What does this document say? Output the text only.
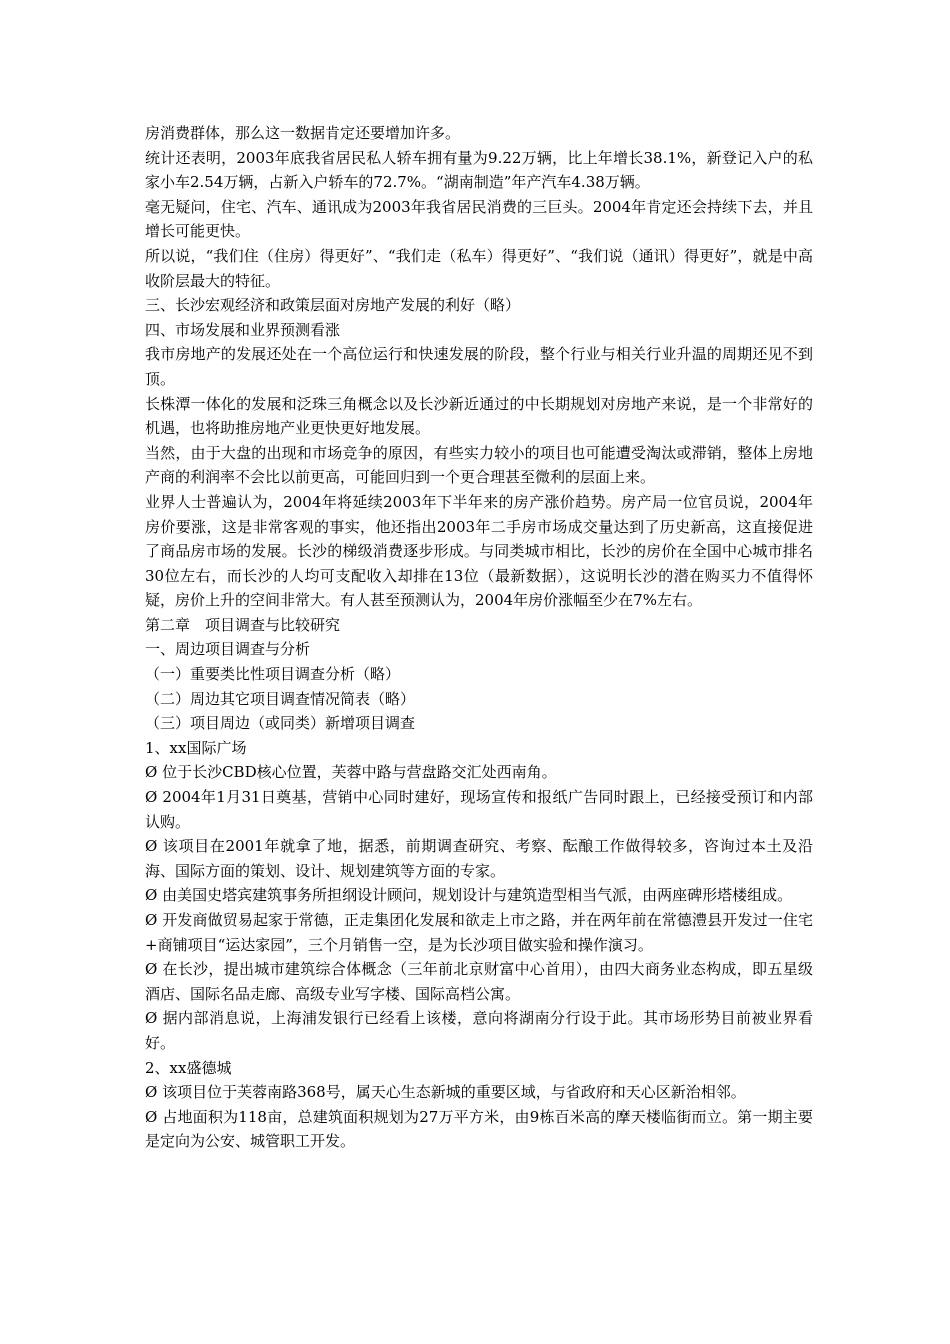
房消费群体，那么这一数据肯定还要增加许多。

统计还表明，2003年底我省居民私人轿车拥有量为9.22万辆，比上年增长38.1%，新登记入户的私家小车2.54万辆，占新入户轿车的72.7%。“湖南制造”年产汽车4.38万辆。

毫无疑问，住宅、汽车、通讯成为2003年我省居民消费的三巨头。2004年肯定还会持续下去，并且增长可能更快。

所以说，“我们住（住房）得更好”、“我们走（私车）得更好”、“我们说（通讯）得更好”，就是中高收阶层最大的特征。

三、长沙宏观经济和政策层面对房地产发展的利好（略）

四、市场发展和业界预测看涨

我市房地产的发展还处在一个高位运行和快速发展的阶段，整个行业与相关行业升温的周期还见不到顶。

长株潭一体化的发展和泛珠三角概念以及长沙新近通过的中长期规划对房地产来说，是一个非常好的机遇，也将助推房地产业更快更好地发展。

当然，由于大盘的出现和市场竞争的原因，有些实力较小的项目也可能遭受淘汰或滞销，整体上房地产商的利润率不会比以前更高，可能回归到一个更合理甚至微利的层面上来。

业界人士普遍认为，2004年将延续2003年下半年来的房产涨价趋势。房产局一位官员说，2004年房价要涨，这是非常客观的事实，他还指出2003年二手房市场成交量达到了历史新高，这直接促进了商品房市场的发展。长沙的梯级消费逐步形成。与同类城市相比，长沙的房价在全国中心城市排名30位左右，而长沙的人均可支配收入却排在13位（最新数据），这说明长沙的潜在购买力不值得怀疑，房价上升的空间非常大。有人甚至预测认为，2004年房价涨幅至少在7%左右。

第二章　项目调查与比较研究

一、周边项目调查与分析

（一）重要类比性项目调查分析（略）

（二）周边其它项目调查情况简表（略）

（三）项目周边（或同类）新增项目调查

1、xx国际广场

Ø 位于长沙CBD核心位置，芙蓉中路与营盘路交汇处西南角。

Ø 2004年1月31日奠基，营销中心同时建好，现场宣传和报纸广告同时跟上，已经接受预订和内部认购。

Ø 该项目在2001年就拿了地，据悉，前期调查研究、考察、酝酿工作做得较多，咨询过本土及沿海、国际方面的策划、设计、规划建筑等方面的专家。

Ø 由美国史塔宾建筑事务所担纲设计顾问，规划设计与建筑造型相当气派，由两座碑形塔楼组成。

Ø 开发商做贸易起家于常德，正走集团化发展和欲走上市之路，并在两年前在常德澧县开发过一住宅+商铺项目“运达家园”，三个月销售一空，是为长沙项目做实验和操作演习。

Ø 在长沙，提出城市建筑综合体概念（三年前北京财富中心首用），由四大商务业态构成，即五星级酒店、国际名品走廊、高级专业写字楼、国际高档公寓。

Ø 据内部消息说，上海浦发银行已经看上该楼，意向将湖南分行设于此。其市场形势目前被业界看好。

2、xx盛德城

Ø 该项目位于芙蓉南路368号，属天心生态新城的重要区域，与省政府和天心区新治相邻。

Ø 占地面积为118亩，总建筑面积规划为27万平方米，由9栋百米高的摩天楼临街而立。第一期主要是定向为公安、城管职工开发。
